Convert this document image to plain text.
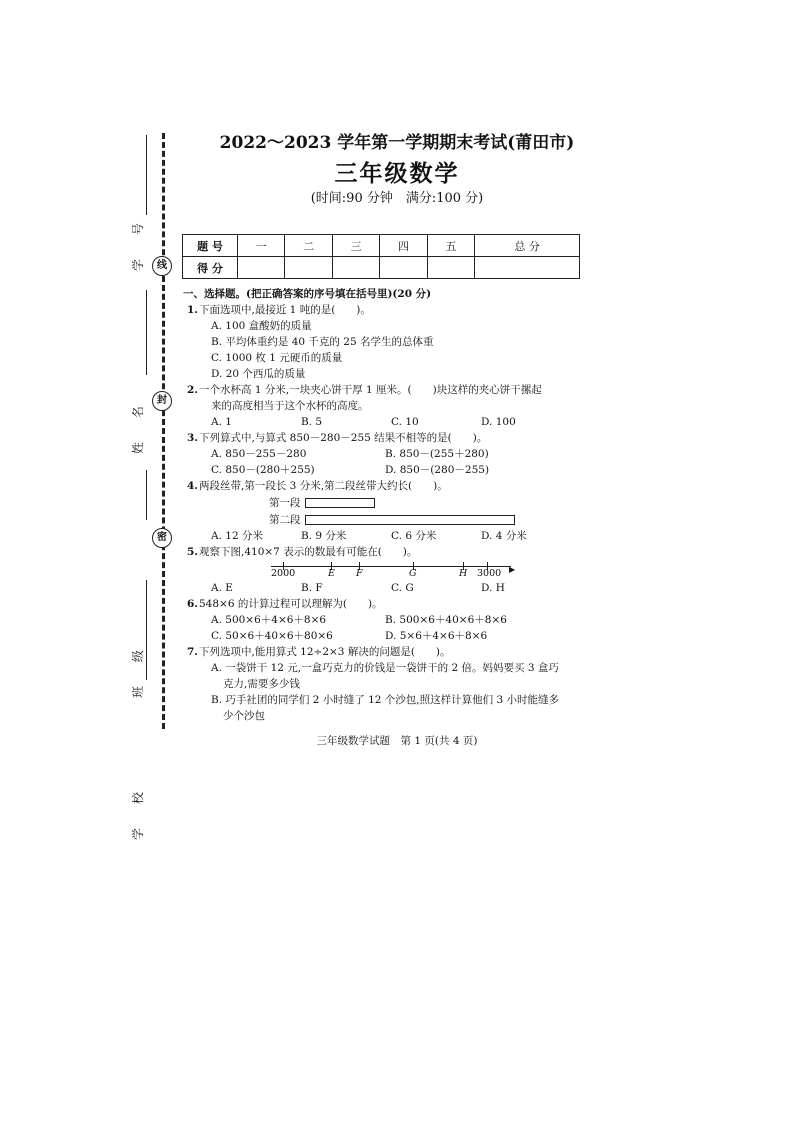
线
封
密
学 号
姓 名
班 级
学 校
2022～2023 学年第一学期期末考试(莆田市)
三年级数学
(时间:90 分钟　满分:100 分)
题 号	一	二	三	四	五	总 分
得 分						
一、选择题。(把正确答案的序号填在括号里)(20 分)
1. 下面选项中,最接近 1 吨的是(　　)。
A. 100 盒酸奶的质量
B. 平均体重约是 40 千克的 25 名学生的总体重
C. 1000 枚 1 元硬币的质量
D. 20 个西瓜的质量
2. 一个水杯高 1 分米,一块夹心饼干厚 1 厘米。(　　)块这样的夹心饼干摞起
来的高度相当于这个水杯的高度。
A. 1	B. 5	C. 10	D. 100
3. 下列算式中,与算式 850－280－255 结果不相等的是(　　)。
A. 850－255－280	B. 850－(255＋280)
C. 850－(280＋255)	D. 850－(280－255)
4. 两段丝带,第一段长 3 分米,第二段丝带大约长(　　)。
第一段
第二段
A. 12 分米	B. 9 分米	C. 6 分米	D. 4 分米
5. 观察下图,410×7 表示的数最有可能在(　　)。
▶
2000	E F	G	H 3000
A. E	B. F	C. G	D. H
6. 548×6 的计算过程可以理解为(　　)。
A. 500×6＋4×6＋8×6	B. 500×6＋40×6＋8×6
C. 50×6＋40×6＋80×6	D. 5×6＋4×6＋8×6
7. 下列选项中,能用算式 12÷2×3 解决的问题是(　　)。
A. 一袋饼干 12 元,一盒巧克力的价钱是一袋饼干的 2 倍。妈妈要买 3 盒巧
克力,需要多少钱
B. 巧手社团的同学们 2 小时缝了 12 个沙包,照这样计算他们 3 小时能缝多
少个沙包
三年级数学试题　第 1 页(共 4 页)
